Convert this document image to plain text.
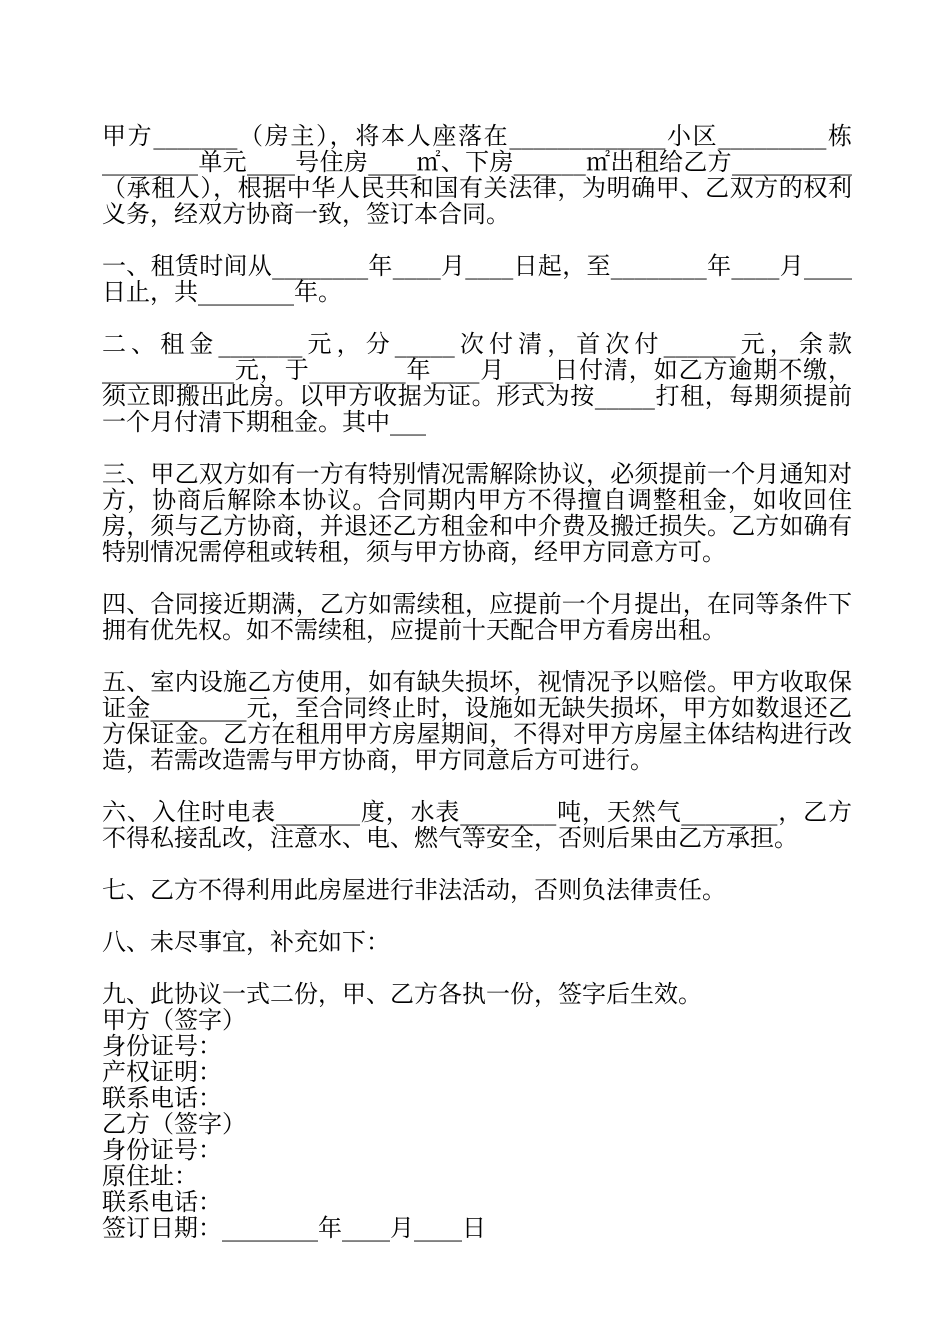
甲方_______（房主），将本人座落在_____________小区_________栋________单元____号住房____㎡、下房______㎡出租给乙方__________（承租人），根据中华人民共和国有关法律，为明确甲、乙双方的权利义务，经双方协商一致，签订本合同。

一、租赁时间从________年____月____日起，至________年____月____日止，共________年。

二、租金_______元，分_____次付清，首次付______元，余款___________元，于________年____月____日付清，如乙方逾期不缴，须立即搬出此房。以甲方收据为证。形式为按_____打租，每期须提前一个月付清下期租金。其中___

三、甲乙双方如有一方有特别情况需解除协议，必须提前一个月通知对方，协商后解除本协议。合同期内甲方不得擅自调整租金，如收回住房，须与乙方协商，并退还乙方租金和中介费及搬迁损失。乙方如确有特别情况需停租或转租，须与甲方协商，经甲方同意方可。

四、合同接近期满，乙方如需续租，应提前一个月提出，在同等条件下拥有优先权。如不需续租，应提前十天配合甲方看房出租。

五、室内设施乙方使用，如有缺失损坏，视情况予以赔偿。甲方收取保证金________元，至合同终止时，设施如无缺失损坏，甲方如数退还乙方保证金。乙方在租用甲方房屋期间，不得对甲方房屋主体结构进行改造，若需改造需与甲方协商，甲方同意后方可进行。

六、入住时电表_______度，水表________吨，天然气________，乙方不得私接乱改，注意水、电、燃气等安全，否则后果由乙方承担。

七、乙方不得利用此房屋进行非法活动，否则负法律责任。

八、未尽事宜，补充如下：

九、此协议一式二份，甲、乙方各执一份，签字后生效。

甲方（签字）

身份证号：

产权证明：

联系电话：

乙方（签字）

身份证号：

原住址：

联系电话：

签订日期：________年____月____日
